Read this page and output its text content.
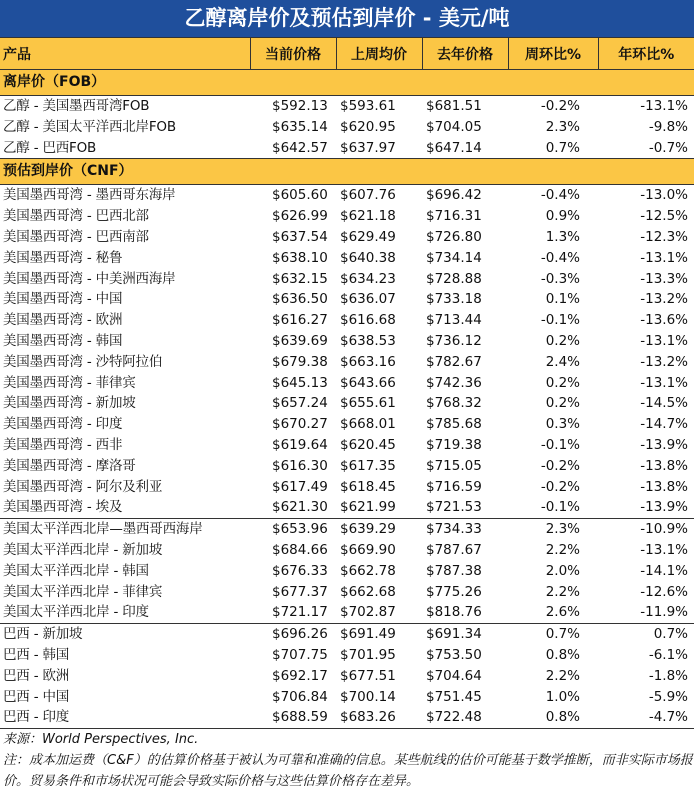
乙醇离岸价及预估到岸价 - 美元/吨
产品	当前价格	上周均价	去年价格	周环比%	年环比%
离岸价（FOB）					
乙醇 - 美国墨西哥湾FOB	$592.13	$593.61	$681.51	-0.2%	-13.1%
乙醇 - 美国太平洋西北岸FOB	$635.14	$620.95	$704.05	2.3%	-9.8%
乙醇 - 巴西FOB	$642.57	$637.97	$647.14	0.7%	-0.7%
预估到岸价（CNF）					
美国墨西哥湾 - 墨西哥东海岸	$605.60	$607.76	$696.42	-0.4%	-13.0%
美国墨西哥湾 - 巴西北部	$626.99	$621.18	$716.31	0.9%	-12.5%
美国墨西哥湾 - 巴西南部	$637.54	$629.49	$726.80	1.3%	-12.3%
美国墨西哥湾 - 秘鲁	$638.10	$640.38	$734.14	-0.4%	-13.1%
美国墨西哥湾 - 中美洲西海岸	$632.15	$634.23	$728.88	-0.3%	-13.3%
美国墨西哥湾 - 中国	$636.50	$636.07	$733.18	0.1%	-13.2%
美国墨西哥湾 - 欧洲	$616.27	$616.68	$713.44	-0.1%	-13.6%
美国墨西哥湾 - 韩国	$639.69	$638.53	$736.12	0.2%	-13.1%
美国墨西哥湾 - 沙特阿拉伯	$679.38	$663.16	$782.67	2.4%	-13.2%
美国墨西哥湾 - 菲律宾	$645.13	$643.66	$742.36	0.2%	-13.1%
美国墨西哥湾 - 新加坡	$657.24	$655.61	$768.32	0.2%	-14.5%
美国墨西哥湾 - 印度	$670.27	$668.01	$785.68	0.3%	-14.7%
美国墨西哥湾 - 西非	$619.64	$620.45	$719.38	-0.1%	-13.9%
美国墨西哥湾 - 摩洛哥	$616.30	$617.35	$715.05	-0.2%	-13.8%
美国墨西哥湾 - 阿尔及利亚	$617.49	$618.45	$716.59	-0.2%	-13.8%
美国墨西哥湾 - 埃及	$621.30	$621.99	$721.53	-0.1%	-13.9%
美国太平洋西北岸—墨西哥西海岸	$653.96	$639.29	$734.33	2.3%	-10.9%
美国太平洋西北岸 - 新加坡	$684.66	$669.90	$787.67	2.2%	-13.1%
美国太平洋西北岸 - 韩国	$676.33	$662.78	$787.38	2.0%	-14.1%
美国太平洋西北岸 - 菲律宾	$677.37	$662.68	$775.26	2.2%	-12.6%
美国太平洋西北岸 - 印度	$721.17	$702.87	$818.76	2.6%	-11.9%
巴西 - 新加坡	$696.26	$691.49	$691.34	0.7%	0.7%
巴西 - 韩国	$707.75	$701.95	$753.50	0.8%	-6.1%
巴西 - 欧洲	$692.17	$677.51	$704.64	2.2%	-1.8%
巴西 - 中国	$706.84	$700.14	$751.45	1.0%	-5.9%
巴西 - 印度	$688.59	$683.26	$722.48	0.8%	-4.7%
来源：World Perspectives, Inc.
注：成本加运费（C&F）的估算价格基于被认为可靠和准确的信息。某些航线的估价可能基于数学推断，而非实际市场报价。贸易条件和市场状况可能会导致实际价格与这些估算价格存在差异。
